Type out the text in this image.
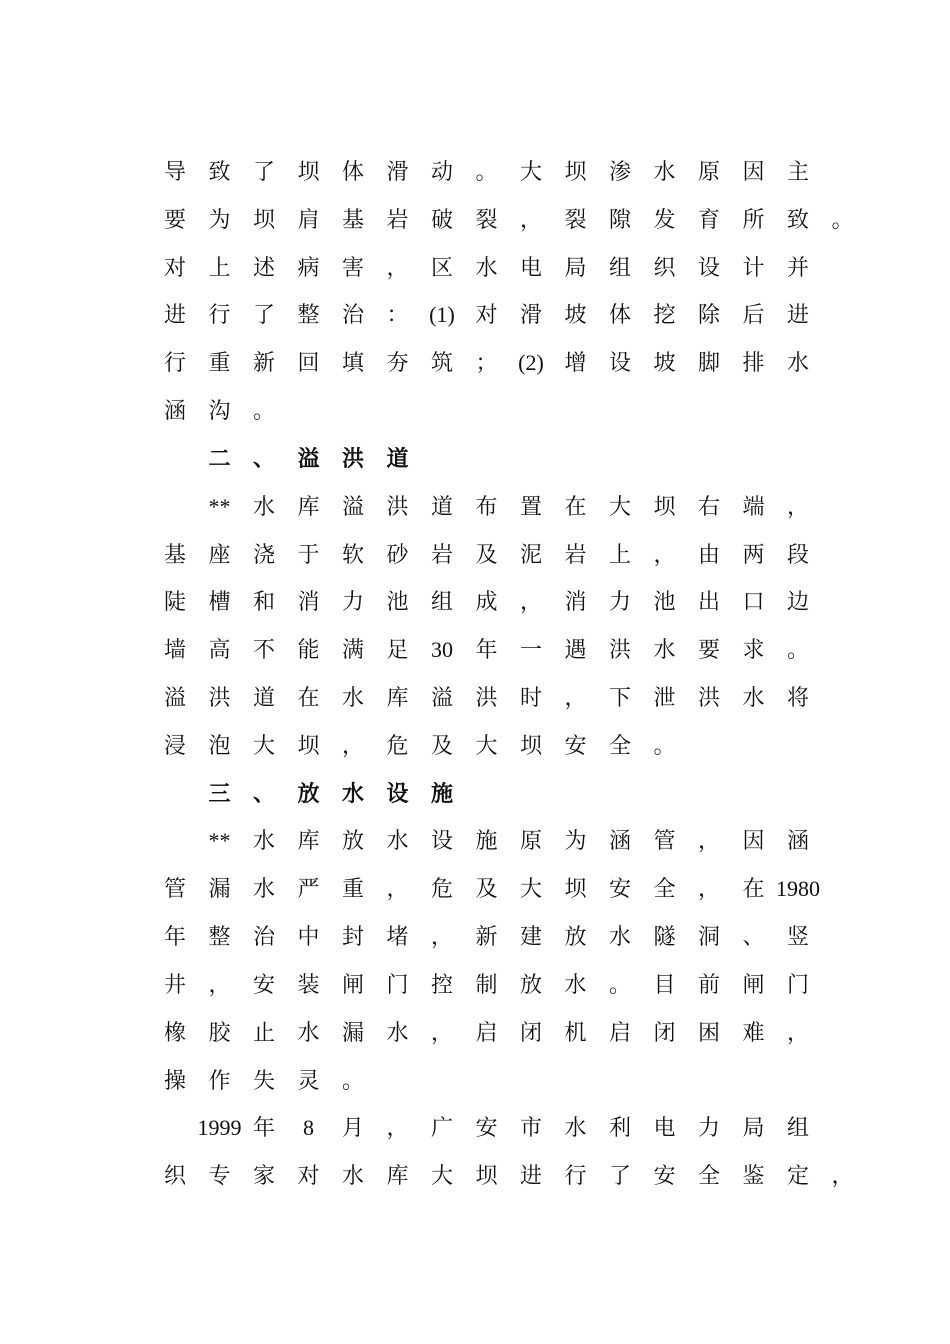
导 致 了 坝 体 滑 动 。 大 坝 渗 水 原 因 主
要 为 坝 肩 基 岩 破 裂 ， 裂 隙 发 育 所 致 。
对 上 述 病 害 ， 区 水 电 局 组 织 设 计 并
进 行 了 整 治 ： (1) 对 滑 坡 体 挖 除 后 进
行 重 新 回 填 夯 筑 ； (2) 增 设 坡 脚 排 水
涵 沟 。
二 、 溢 洪 道
** 水 库 溢 洪 道 布 置 在 大 坝 右 端 ，
基 座 浇 于 软 砂 岩 及 泥 岩 上 ， 由 两 段
陡 槽 和 消 力 池 组 成 ， 消 力 池 出 口 边
墙 高 不 能 满 足 30 年 一 遇 洪 水 要 求 。
溢 洪 道 在 水 库 溢 洪 时 ， 下 泄 洪 水 将
浸 泡 大 坝 ， 危 及 大 坝 安 全 。
三 、 放 水 设 施
** 水 库 放 水 设 施 原 为 涵 管 ， 因 涵
管 漏 水 严 重 ， 危 及 大 坝 安 全 ， 在 1980
年 整 治 中 封 堵 ， 新 建 放 水 隧 洞 、 竖
井 ， 安 装 闸 门 控 制 放 水 。 目 前 闸 门
橡 胶 止 水 漏 水 ， 启 闭 机 启 闭 困 难 ，
操 作 失 灵 。
1999 年 8 月 ， 广 安 市 水 利 电 力 局 组
织 专 家 对 水 库 大 坝 进 行 了 安 全 鉴 定 ，
